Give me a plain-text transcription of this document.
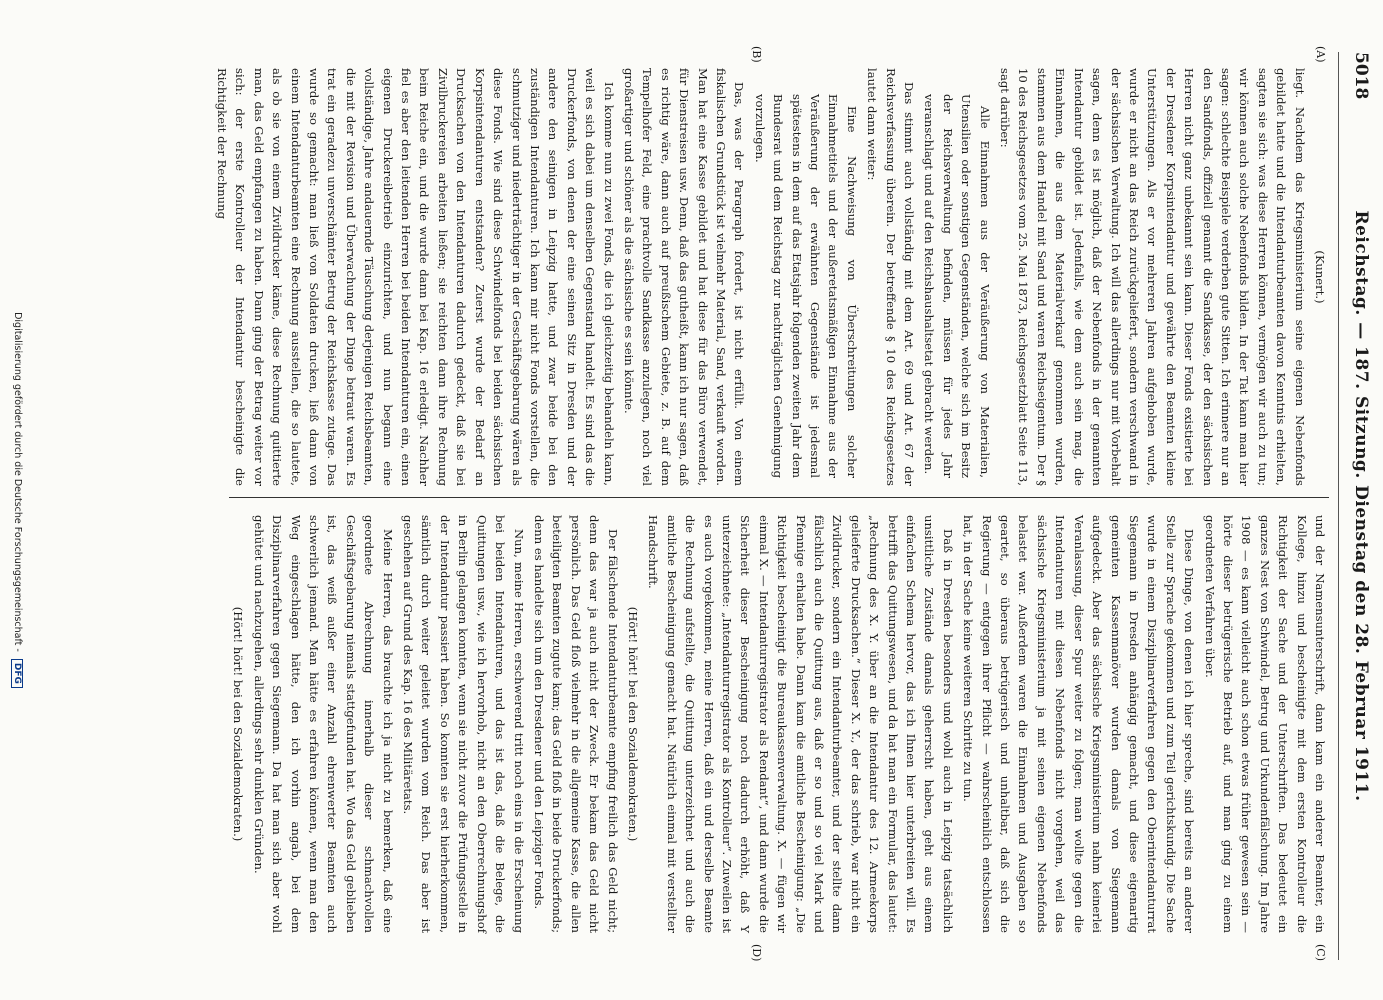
5018
Reichstag. — 187. Sitzung. Dienstag den 28. Februar 1911.
(A)
(B)
(C)
(D)

(Kunert.)

liegt. Nachdem das Kriegsministerium seine eigenen Nebenfonds gebildet hatte und die Intendanturbeamten davon Kenntnis erhielten, sagten sie sich: was diese Herren können, vermögen wir auch zu tun; wir können auch solche Nebenfonds bilden. In der Tat kann man hier sagen: schlechte Beispiele verderben gute Sitten. Ich erinnere nur an den Sandfonds, offiziell genannt die Sandkasse, der den sächsischen Herren nicht ganz unbekannt sein kann. Dieser Fonds existierte bei der Dresdener Korpsintendantur und gewährte den Beamten kleine Unterstützungen. Als er vor mehreren Jahren aufgehoben wurde, wurde er nicht an das Reich zurückgeliefert, sondern verschwand in der sächsischen Verwaltung. Ich will das allerdings nur mit Vorbehalt sagen, denn es ist möglich, daß der Nebenfonds in der genannten Intendantur gebildet ist. Jedenfalls, wie dem auch sein mag, die Einnahmen, die aus dem Materialverkauf genommen wurden, stammen aus dem Handel mit Sand und waren Reichseigentum. Der § 10 des Reichsgesetzes vom 25. Mai 1873, Reichsgesetzblatt Seite 113, sagt darüber:

Alle Einnahmen aus der Veräußerung von Materialien, Utensilien oder sonstigen Gegenständen, welche sich im Besitz der Reichsverwaltung befinden, müssen für jedes Jahr veranschlagt und auf den Reichshaushaltsetat gebracht werden.

Das stimmt auch vollständig mit dem Art. 69 und Art. 67 der Reichsverfassung überein. Der betreffende § 10 des Reichsgesetzes lautet dann weiter:

Eine Nachweisung von Überschreitungen solcher Einnahmetitels und der außeretatsmäßigen Einnahme aus der Veräußerung der erwähnten Gegenstände ist jedesmal spätestens in dem auf das Etatsjahr folgenden zweiten Jahr dem Bundesrat und dem Reichstag zur nachträglichen Genehmigung vorzulegen.

Das, was der Paragraph fordert, ist nicht erfüllt. Von einem fiskalischen Grundstück ist vielmehr Material, Sand, verkauft worden. Man hat eine Kasse gebildet und hat diese für das Büro verwendet, für Dienstreisen usw. Denn, daß das gutheißt, kann ich nur sagen, daß es richtig wäre, dann auch auf preußischem Gebiete, z. B. auf dem Tempelhofer Feld, eine prachtvolle Sandkasse anzulegen, noch viel großartiger und schöner als die sächsische es sein könnte.

Ich komme nun zu zwei Fonds, die ich gleichzeitig behandeln kann, weil es sich dabei um denselben Gegenstand handelt. Es sind das die Druckerfonds, von denen der eine seinen Sitz in Dresden und der andere den seinigen in Leipzig hatte, und zwar beide bei den zuständigen Intendanturen. Ich kann mir nicht Fonds vorstellen, die schmutziger und niederträchtiger in der Geschäftsgebarung wären als diese Fonds. Wie sind diese Schwindelfonds bei beiden sächsischen Korpsintendanturen entstanden? Zuerst wurde der Bedarf an Drucksachen von den Intendanturen dadurch gedeckt, daß sie bei Zivilbruckereien arbeiten ließen; sie reichten dann ihre Rechnung beim Reiche ein, und die wurde dann bei Kap. 16 erledigt. Nachher fiel es aber den leitenden Herren bei beiden Intendanturen ein, einen eigenen Druckereibetrieb einzurichten, und nun begann eine vollständige, Jahre andauernde Täuschung derjenigen Reichsbeamten, die mit der Revision und Überwachung der Dinge betraut waren. Es trat ein geradezu unverschämter Betrug der Reichskasse zutage. Das wurde so gemacht: man ließ von Soldaten drucken, ließ dann von einem Intendanturbeamten eine Rechnung ausstellen, die so lautete, als ob sie von einem Zivildrucker käme, diese Rechnung quittierte man, das Geld empfangen zu haben. Dann ging der Betrag weiter vor sich: der erste Kontrolleur der Intendantur bescheinigte die Richtigkeit der Rechnung

und der Namensunterschrift, dann kam ein anderer Beamter, ein Kollege, hinzu und bescheinigte mit dem ersten Kontrolleur die Richtigkeit der Sache und der Unterschriften. Das bedeutet ein ganzes Nest von Schwindel, Betrug und Urkundenfälschung. Im Jahre 1908 — es kann vielleicht auch schon etwas früher gewesen sein — hörte dieser betrügerische Betrieb auf, und man ging zu einem geordneten Verfahren über.

Diese Dinge, von denen ich hier spreche, sind bereits an anderer Stelle zur Sprache gekommen und zum Teil gerichtskundig. Die Sache wurde in einem Disziplinarverfahren gegen den Oberintendanturrat Siegemann in Dresden anhängig gemacht, und diese eigenartig gemeinten Kassenmanöver wurden damals von Siegemann aufgedeckt. Aber das sächsische Kriegsministerium nahm keinerlei Veranlassung, dieser Spur weiter zu folgen; man wollte gegen die Intendanturen mit diesen Nebenfonds nicht vorgehen, weil das sächsische Kriegsministerium ja mit seinen eigenen Nebenfonds belastet war. Außerdem waren die Einnahmen und Ausgaben so geartet, so überaus betrügerisch und unhaltbar, daß sich die Regierung — entgegen ihrer Pflicht — wahrscheinlich entschlossen hat, in der Sache keine weiteren Schritte zu tun.

Daß in Dresden besonders und wohl auch in Leipzig tatsächlich unsittliche Zustände damals geherrscht haben, geht aus einem einfachen Schema hervor, das ich Ihnen hier unterbreiten will. Es betrifft das Quittungswesen, und da hat man ein Formular, das lautet: „Rechnung des X. Y. über an die Intendantur des 12. Armeekorps gelieferte Drucksachen.“ Dieser X. Y., der das schrieb, war nicht ein Zivildrucker, sondern ein Intendanturbeamter, und der stellte dann fälschlich auch die Quittung aus, daß er so und so viel Mark und Pfennige erhalten habe. Dann kam die amtliche Bescheinigung: „Die Richtigkeit bescheinigt die Bureaukassenverwaltung. X. — fügen wir einmal X. — Intendanturregistrator als Rendant“, und dann wurde die Sicherheit dieser Bescheinigung noch dadurch erhöht, daß Y unterzeichnete: „Intendanturregistrator als Kontrolleur“. Zuweilen ist es auch vorgekommen, meine Herren, daß ein und derselbe Beamte die Rechnung aufstellte, die Quittung unterzeichnet und auch die amtliche Bescheinigung gemacht hat. Natürlich einmal mit verstellter Handschrift.

(Hört! hört! bei den Sozialdemokraten.)

Der fälschende Intendanturbeamte empfing freilich das Geld nicht; denn das war ja auch nicht der Zweck. Er bekam das Geld nicht persönlich. Das Geld floß vielmehr in die allgemeine Kasse, die allen beteiligten Beamten zugute kam; das Geld floß in beide Druckerfonds; denn es handelte sich um den Dresdener und den Leipziger Fonds.

Nun, meine Herren, erschwerend tritt noch eins in die Erscheinung bei beiden Intendanturen, und das ist das, daß die Belege, die Quittungen usw., wie ich hervorhob, nicht an den Oberrechnungshof in Berlin gelangen konnten, wenn sie nicht zuvor die Prüfungsstelle in der Intendantur passiert haben. So konnten sie erst hierherkommen, sämtlich durch weiter geleitet wurden vom Reich. Das aber ist geschehen auf Grund des Kap. 16 des Militäretats.

Meine Herren, das brauchte ich ja nicht zu bemerken, daß eine geordnete Abrechnung innerhalb dieser schmachvollen Geschäftsgebarung niemals stattgefunden hat. Wo das Geld geblieben ist, das weiß außer einer Anzahl ehrenwerter Beamten auch schwerlich jemand. Man hätte es erfahren können, wenn man den Weg eingeschlagen hätte, den ich vorhin angab, bei dem Disziplinarverfahren gegen Siegemann. Da hat man sich aber wohl gehütet und nachzugehen, allerdings sehr dunklen Gründen.

(Hört! hört! bei den Sozialdemokraten.)

Digitalisierung gefördert durch die Deutsche Forschungsgemeinschaft - DFG
